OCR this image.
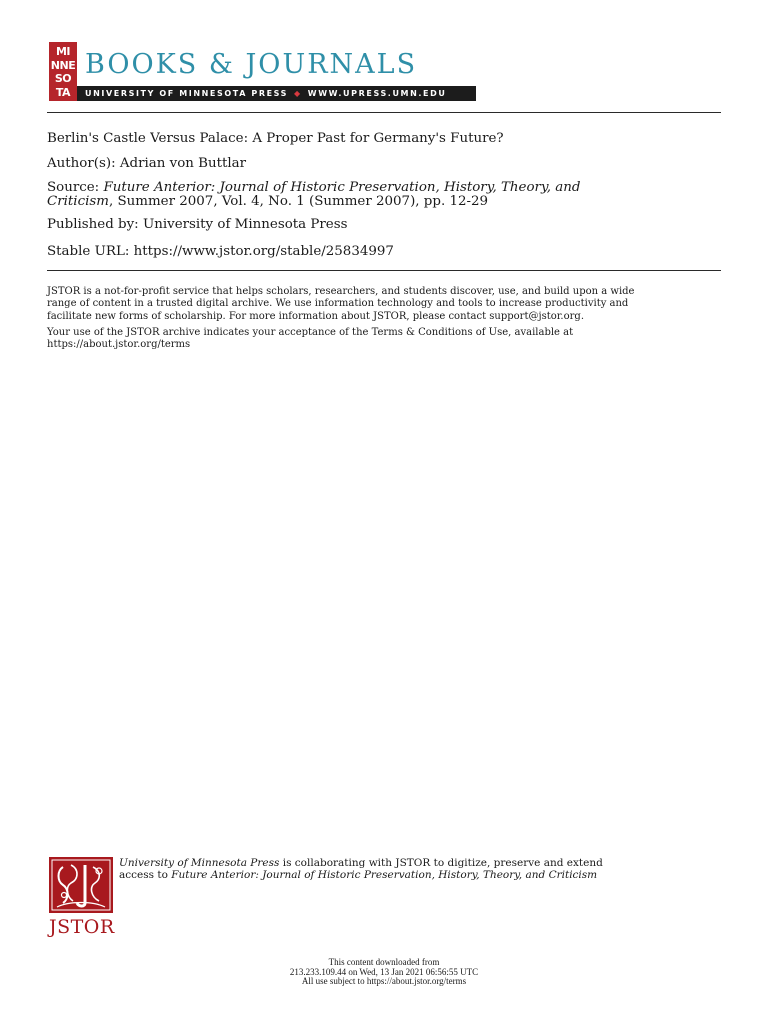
MI
NNE
SO
TA
BOOKS & JOURNALS
UNIVERSITY OF MINNESOTA PRESS ◆ WWW.UPRESS.UMN.EDU
Berlin's Castle Versus Palace: A Proper Past for Germany's Future?
Author(s): Adrian von Buttlar
Source: Future Anterior: Journal of Historic Preservation, History, Theory, and
Criticism, Summer 2007, Vol. 4, No. 1 (Summer 2007), pp. 12-29
Published by: University of Minnesota Press
Stable URL: https://www.jstor.org/stable/25834997
JSTOR is a not-for-profit service that helps scholars, researchers, and students discover, use, and build upon a wide
range of content in a trusted digital archive. We use information technology and tools to increase productivity and
facilitate new forms of scholarship. For more information about JSTOR, please contact support@jstor.org.
Your use of the JSTOR archive indicates your acceptance of the Terms & Conditions of Use, available at
https://about.jstor.org/terms
JSTOR
University of Minnesota Press is collaborating with JSTOR to digitize, preserve and extend
access to Future Anterior: Journal of Historic Preservation, History, Theory, and Criticism
This content downloaded from
213.233.109.44 on Wed, 13 Jan 2021 06:56:55 UTC
All use subject to https://about.jstor.org/terms
